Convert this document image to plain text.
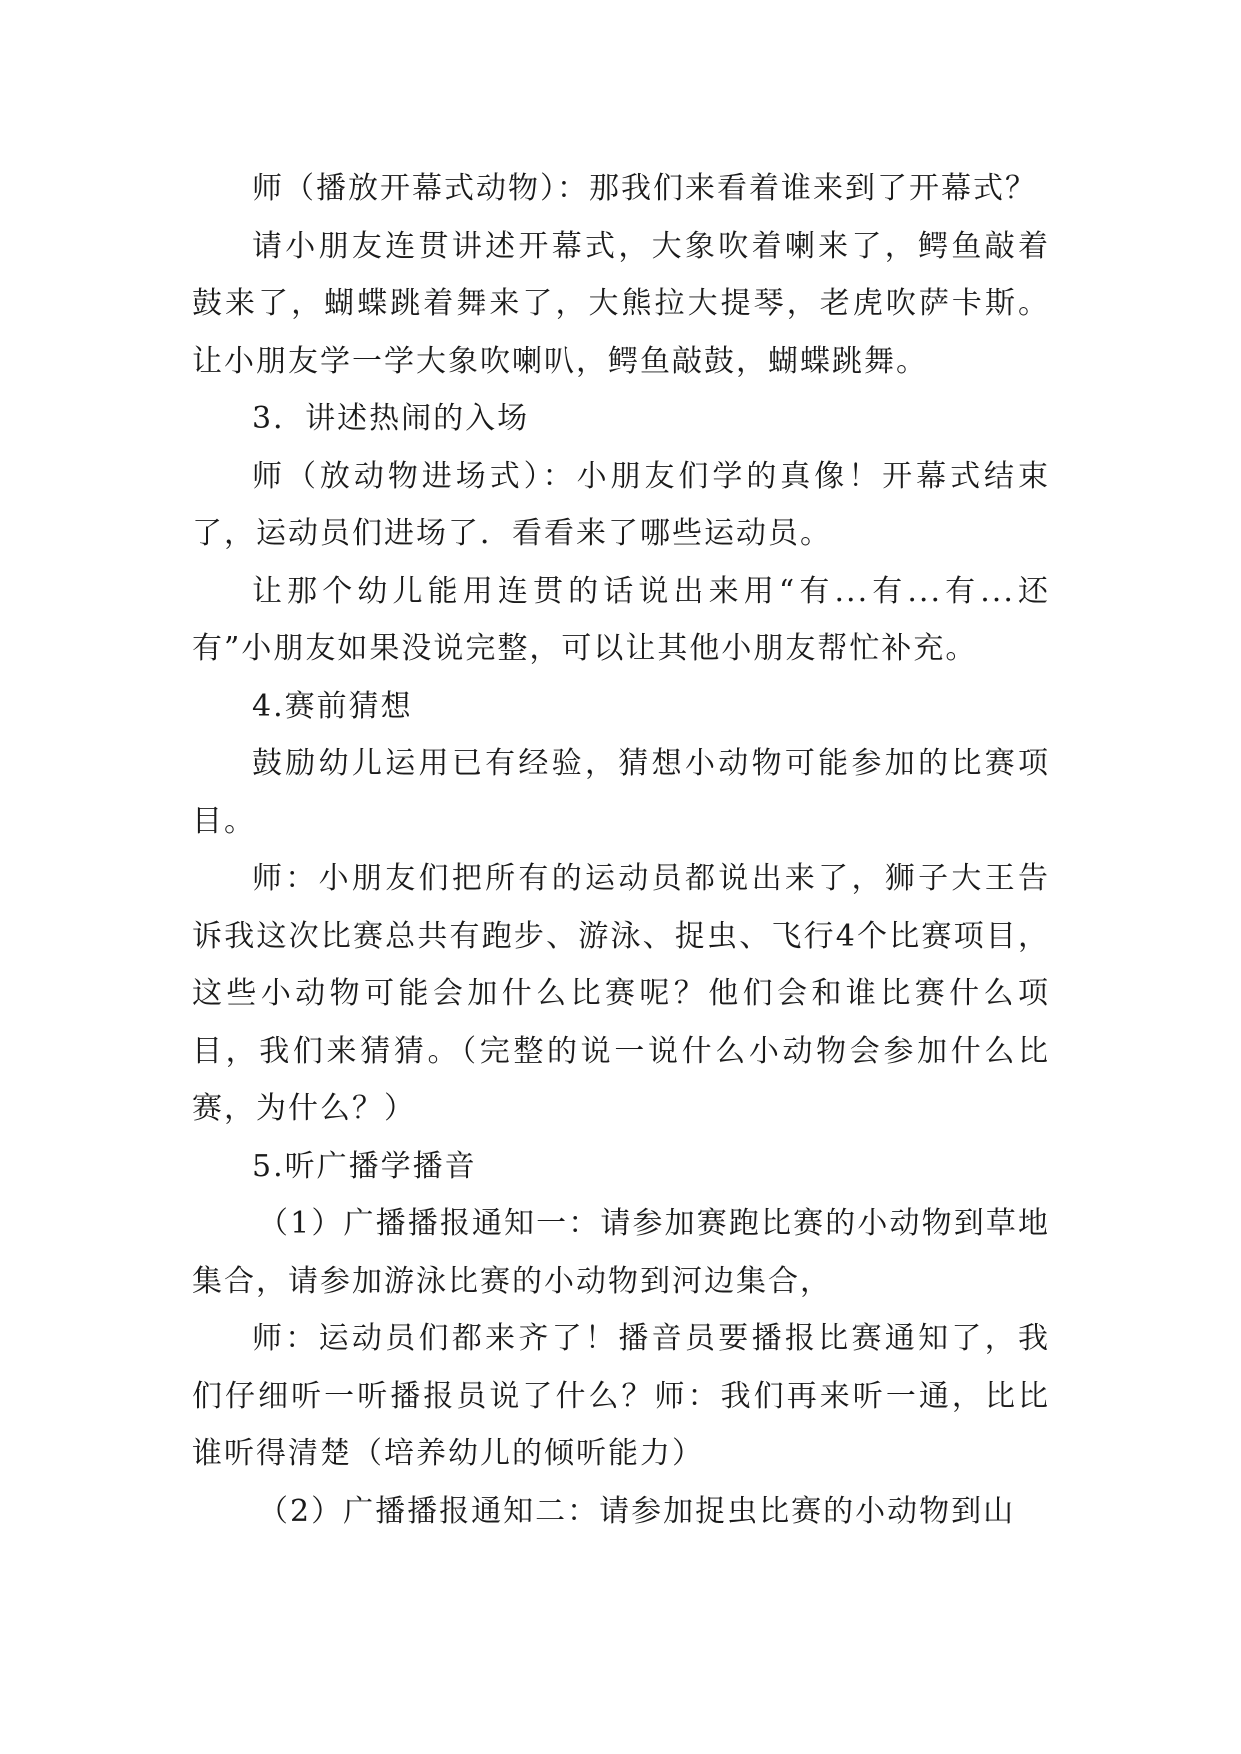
师（播放开幕式动物）：那我们来看着谁来到了开幕式？

请小朋友连贯讲述开幕式，大象吹着喇来了，鳄鱼敲着鼓来了，蝴蝶跳着舞来了，大熊拉大提琴，老虎吹萨卡斯。让小朋友学一学大象吹喇叭，鳄鱼敲鼓，蝴蝶跳舞。

3．讲述热闹的入场

师（放动物进场式）：小朋友们学的真像！开幕式结束了，运动员们进场了．看看来了哪些运动员。

让那个幼儿能用连贯的话说出来用“有...有...有...还有”小朋友如果没说完整，可以让其他小朋友帮忙补充。

4.赛前猜想

鼓励幼儿运用已有经验，猜想小动物可能参加的比赛项目。

师：小朋友们把所有的运动员都说出来了，狮子大王告诉我这次比赛总共有跑步、游泳、捉虫、飞行4个比赛项目，这些小动物可能会加什么比赛呢？他们会和谁比赛什么项目，我们来猜猜。（完整的说一说什么小动物会参加什么比赛，为什么？）

5.听广播学播音

（1）广播播报通知一：请参加赛跑比赛的小动物到草地集合，请参加游泳比赛的小动物到河边集合，

师：运动员们都来齐了！播音员要播报比赛通知了，我们仔细听一听播报员说了什么？师：我们再来听一通，比比谁听得清楚（培养幼儿的倾听能力）

（2）广播播报通知二：请参加捉虫比赛的小动物到山
